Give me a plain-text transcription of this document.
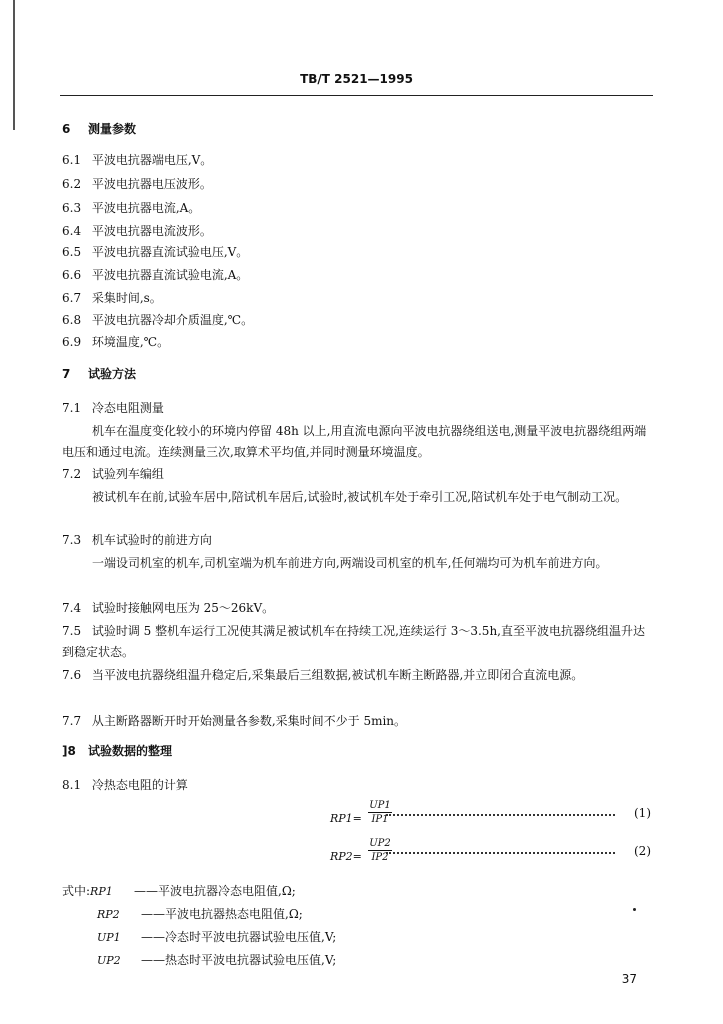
TB/T 2521—1995
6 测量参数
6.1 平波电抗器端电压,V。
6.2 平波电抗器电压波形。
6.3 平波电抗器电流,A。
6.4 平波电抗器电流波形。
6.5 平波电抗器直流试验电压,V。
6.6 平波电抗器直流试验电流,A。
6.7 采集时间,s。
6.8 平波电抗器冷却介质温度,℃。
6.9 环境温度,℃。
7 试验方法
7.1 冷态电阻测量
机车在温度变化较小的环境内停留 48h 以上,用直流电源向平波电抗器绕组送电,测量平波电抗器绕组两端电压和通过电流。连续测量三次,取算术平均值,并同时测量环境温度。
7.2 试验列车编组
被试机车在前,试验车居中,陪试机车居后,试验时,被试机车处于牵引工况,陪试机车处于电气制动工况。
7.3 机车试验时的前进方向
一端设司机室的机车,司机室端为机车前进方向,两端设司机室的机车,任何端均可为机车前进方向。
7.4 试验时接触网电压为 25～26kV。
7.5 试验时调 5 整机车运行工况使其满足被试机车在持续工况,连续运行 3～3.5h,直至平波电抗器绕组温升达到稳定状态。
7.6 当平波电抗器绕组温升稳定后,采集最后三组数据,被试机车断主断路器,并立即闭合直流电源。
7.7 从主断路器断开时开始测量各参数,采集时间不少于 5min。
]8 试验数据的整理
8.1 冷热态电阻的计算
$RP1= \frac{UP1}{IP1}$	(1)
$RP2= \frac{UP2}{IP2}$	(2)
式中:RP1 ——平波电抗器冷态电阻值,Ω;
RP2 ——平波电抗器热态电阻值,Ω;
UP1 ——冷态时平波电抗器试验电压值,V;
UP2 ——热态时平波电抗器试验电压值,V;
37
